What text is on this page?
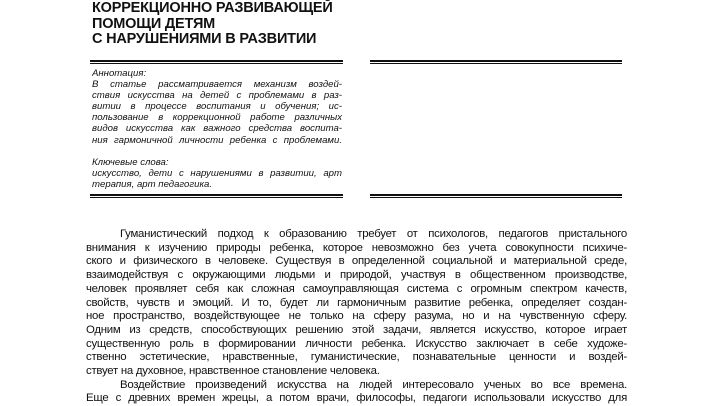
КОРРЕКЦИОННО РАЗВИВАЮЩЕЙ
ПОМОЩИ ДЕТЯМ
С НАРУШЕНИЯМИ В РАЗВИТИИ
Аннотация:
В статье рассматривается механизм воздей-
ствия искусства на детей с проблемами в раз-
витии в процессе воспитания и обучения; ис-
пользование в коррекционной работе различных
видов искусства как важного средства воспита-
ния гармоничной личности ребенка с проблемами.
Ключевые слова:
искусство, дети с нарушениями в развитии, арт
терапия, арт педагогика.
Гуманистический подход к образованию требует от психологов, педагогов пристального
внимания к изучению природы ребенка, которое невозможно без учета совокупности психиче-
ского и физического в человеке. Существуя в определенной социальной и материальной среде,
взаимодействуя с окружающими людьми и природой, участвуя в общественном производстве,
человек проявляет себя как сложная самоуправляющая система с огромным спектром качеств,
свойств, чувств и эмоций. И то, будет ли гармоничным развитие ребенка, определяет создан-
ное пространство, воздействующее не только на сферу разума, но и на чувственную сферу.
Одним из средств, способствующих решению этой задачи, является искусство, которое играет
существенную роль в формировании личности ребенка. Искусство заключает в себе художе-
ственно эстетические, нравственные, гуманистические, познавательные ценности и воздей-
ствует на духовное, нравственное становление человека.
Воздействие произведений искусства на людей интересовало ученых во все времена.
Еще с древних времен жрецы, а потом врачи, философы, педагоги использовали искусство для
